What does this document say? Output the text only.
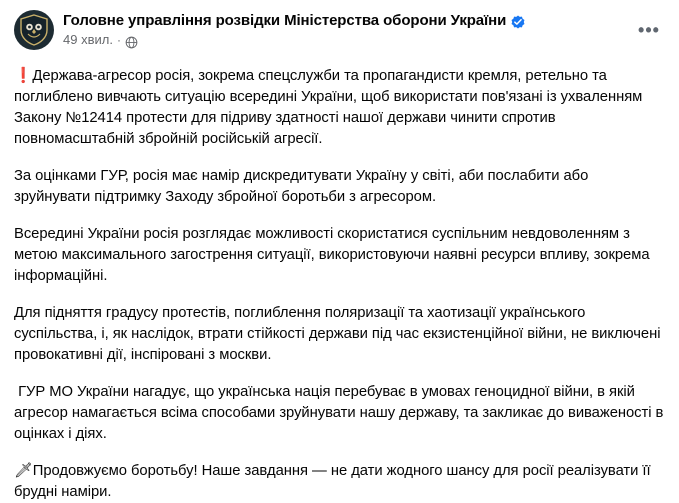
Головне управління розвідки Міністерства оборони України
49 хвил. ·
•••

❗Держава-агресор росія, зокрема спецслужби та пропагандисти кремля, ретельно та поглиблено вивчають ситуацію всередині України, щоб використати пов'язані із ухваленням Закону №12414 протести для підриву здатності нашої держави чинити спротив повномасштабній збройній російській агресії.

За оцінками ГУР, росія має намір дискредитувати Україну у світі, аби послабити або зруйнувати підтримку Заходу збройної боротьби з агресором.

Всередині України росія розглядає можливості скористатися суспільним невдоволенням з метою максимального загострення ситуації, використовуючи наявні ресурси впливу, зокрема інформаційні.

Для підняття градусу протестів, поглиблення поляризації та хаотизації українського суспільства, і, як наслідок, втрати стійкості держави під час екзистенційної війни, не виключені провокативні дії, інспіровані з москви.

ГУР МО України нагадує, що українська нація перебуває в умовах геноцидної війни, в якій агресор намагається всіма способами зруйнувати нашу державу, та закликає до виваженості в оцінках і діях.

🗡Продовжуємо боротьбу! Наше завдання — не дати жодного шансу для росії реалізувати її брудні наміри.
